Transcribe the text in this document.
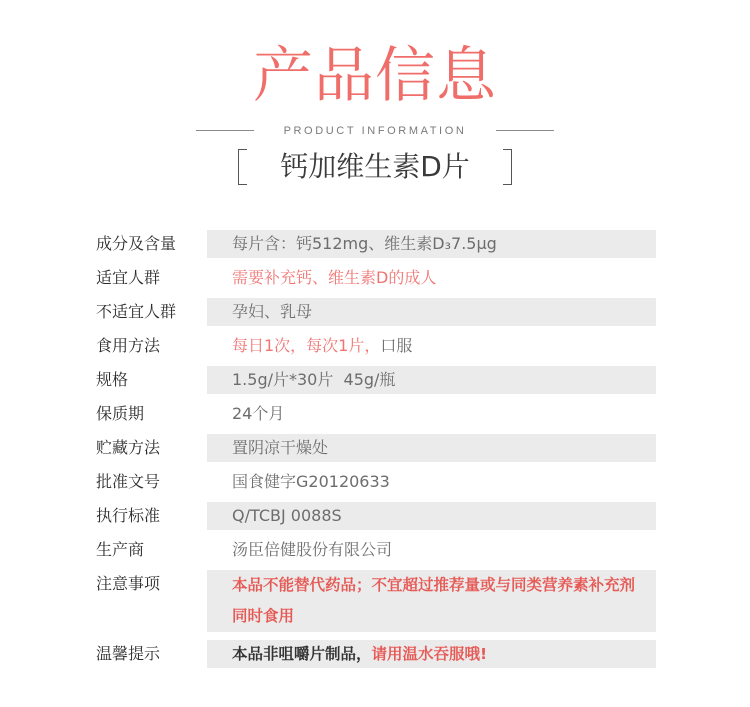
产品信息
PRODUCT INFORMATION
钙加维生素D片
成分及含量	每片含：钙512mg、维生素D₃7.5μg
适宜人群	需要补充钙、维生素D的成人
不适宜人群	孕妇、乳母
食用方法	每日1次，每次1片，口服
规格	1.5g/片*30片  45g/瓶
保质期	24个月
贮藏方法	置阴凉干燥处
批准文号	国食健字G20120633
执行标准	Q/TCBJ 0088S
生产商	汤臣倍健股份有限公司
注意事项	本品不能替代药品；不宜超过推荐量或与同类营养素补充剂同时食用
温馨提示	本品非咀嚼片制品，请用温水吞服哦!
